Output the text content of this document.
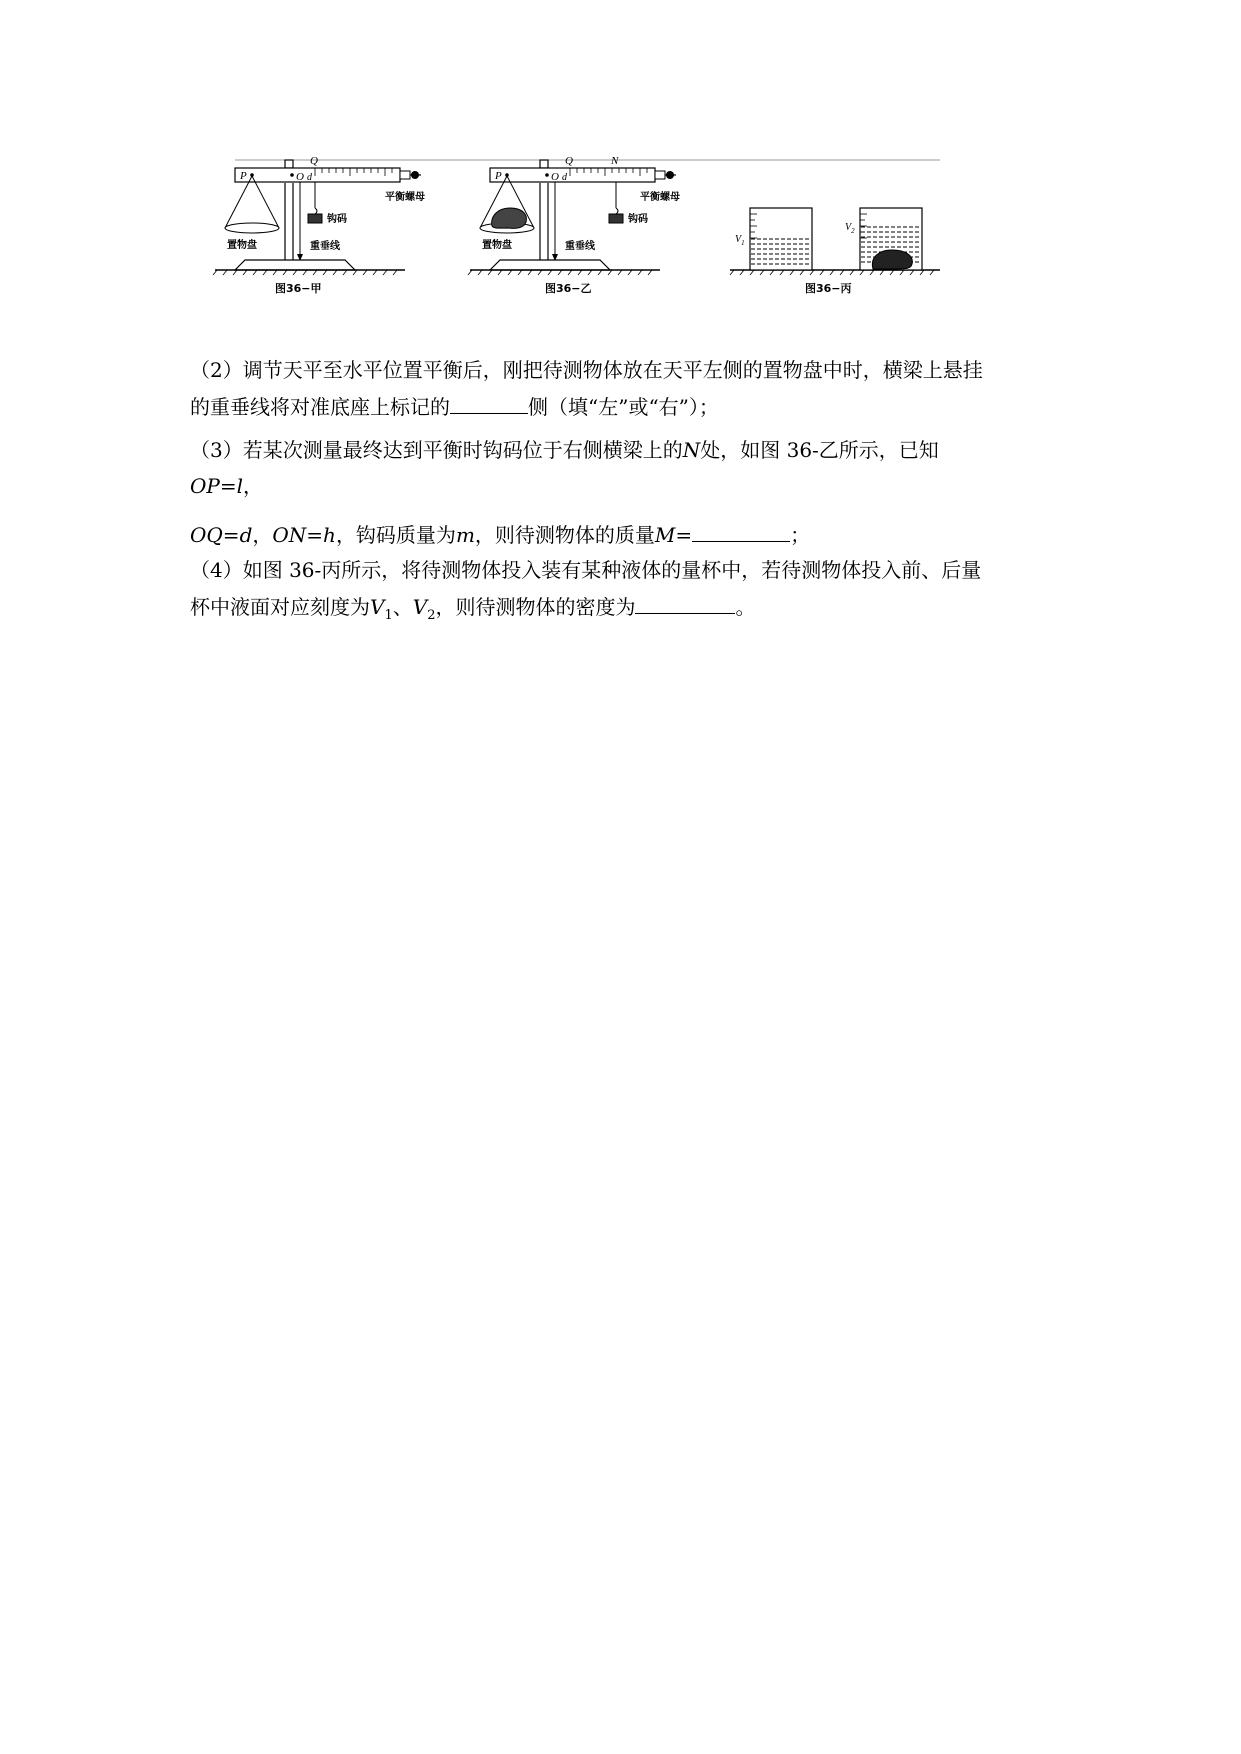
P	O d
Q
平衡螺母
置物盘
钩码
重垂线
图36−甲
P	O d
Q	N
平衡螺母
置物盘
钩码
重垂线
图36−乙
$V_1$
$V_2$
图36−丙
（2）调节天平至水平位置平衡后，刚把待测物体放在天平左侧的置物盘中时，横梁上悬挂
的重垂线将对准底座上标记的	侧（填“左”或“右”）；
（3）若某次测量最终达到平衡时钩码位于右侧横梁上的N处，如图 36-乙所示，已知
OP=l，
OQ=d，ON=h，钩码质量为m，则待测物体的质量M=	；
（4）如图 36-丙所示，将待测物体投入装有某种液体的量杯中，若待测物体投入前、后量
杯中液面对应刻度为$V_1$、$V_2$，则待测物体的密度为	。
